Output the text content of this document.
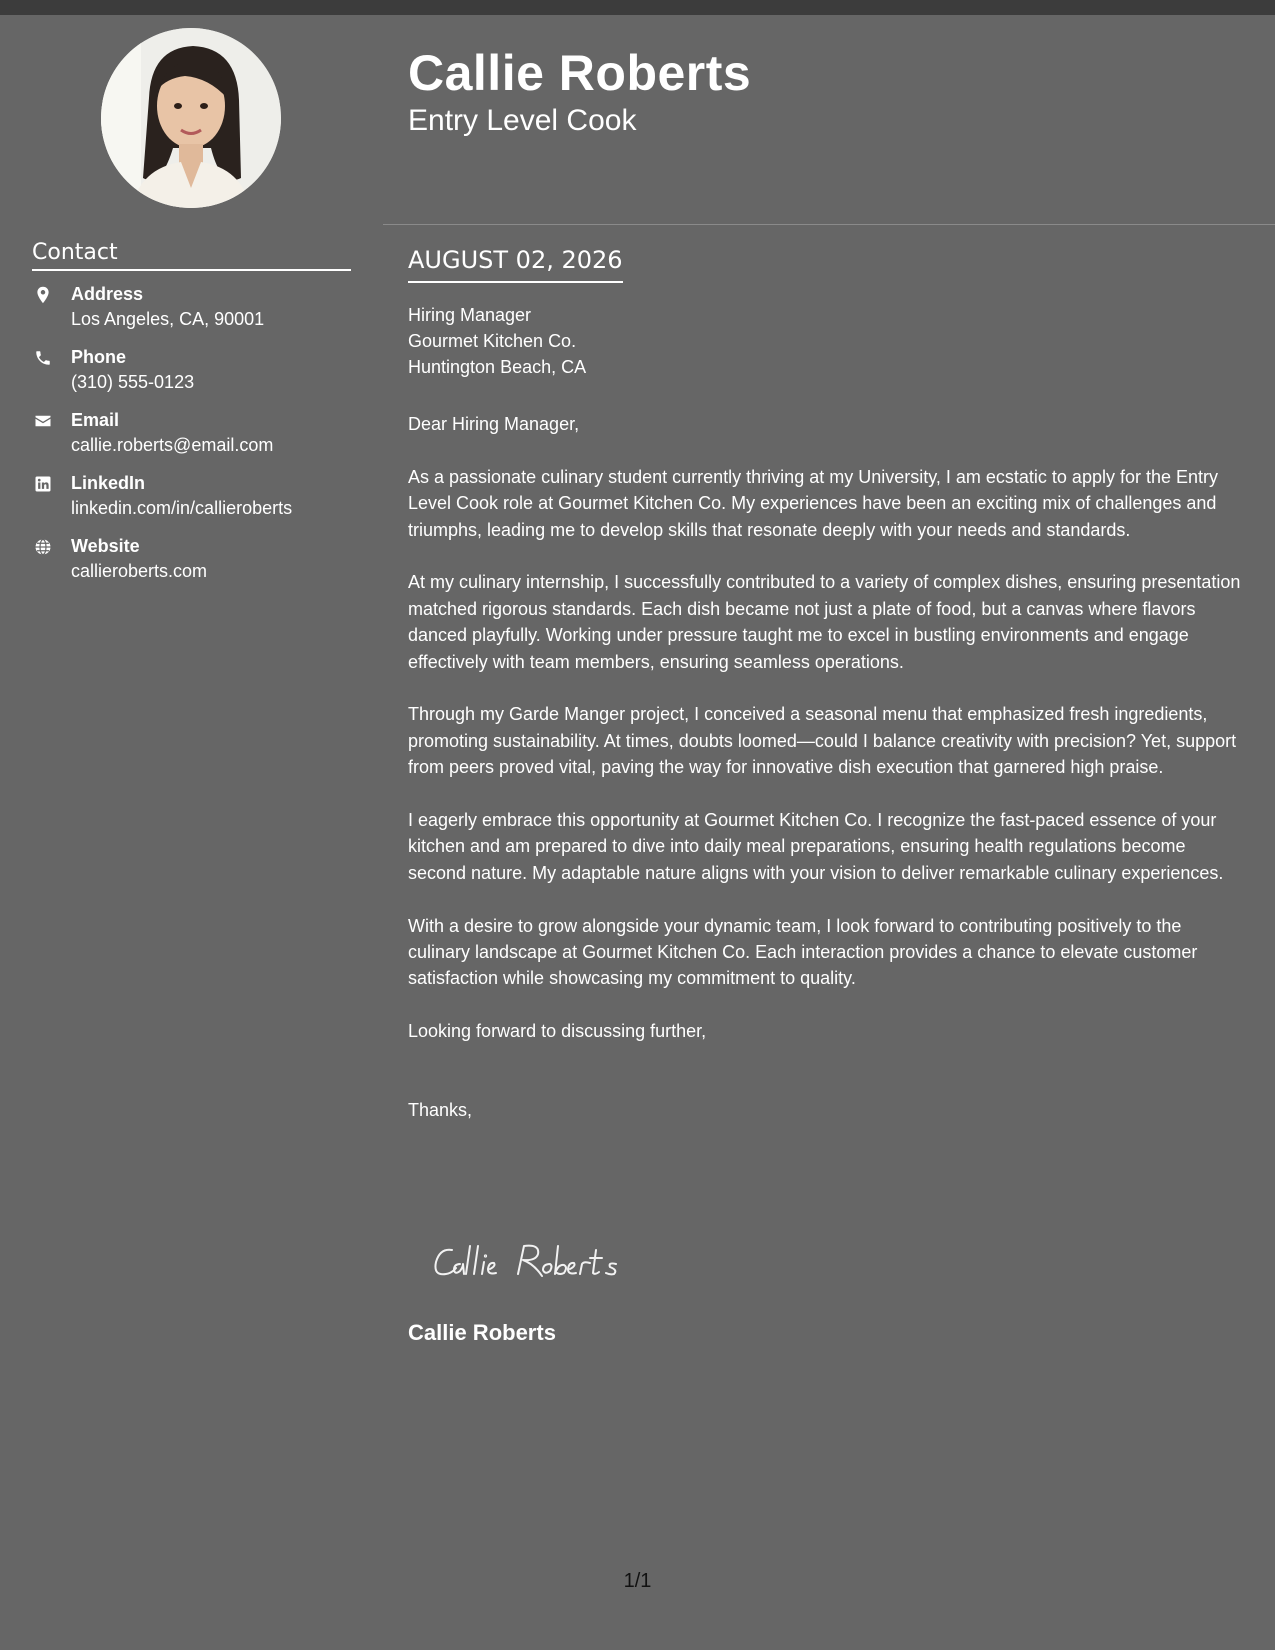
Contact
Address
Los Angeles, CA, 90001
Phone
(310) 555-0123
Email
callie.roberts@email.com
LinkedIn
linkedin.com/in/callieroberts
Website
callieroberts.com
Callie Roberts
Entry Level Cook
AUGUST 02, 2026
Hiring Manager
Gourmet Kitchen Co.
Huntington Beach, CA

Dear Hiring Manager,

As a passionate culinary student currently thriving at my University, I am ecstatic to apply for the Entry Level Cook role at Gourmet Kitchen Co. My experiences have been an exciting mix of challenges and triumphs, leading me to develop skills that resonate deeply with your needs and standards.

At my culinary internship, I successfully contributed to a variety of complex dishes, ensuring presentation matched rigorous standards. Each dish became not just a plate of food, but a canvas where flavors danced playfully. Working under pressure taught me to excel in bustling environments and engage effectively with team members, ensuring seamless operations.

Through my Garde Manger project, I conceived a seasonal menu that emphasized fresh ingredients, promoting sustainability. At times, doubts loomed—could I balance creativity with precision? Yet, support from peers proved vital, paving the way for innovative dish execution that garnered high praise.

I eagerly embrace this opportunity at Gourmet Kitchen Co. I recognize the fast-paced essence of your kitchen and am prepared to dive into daily meal preparations, ensuring health regulations become second nature. My adaptable nature aligns with your vision to deliver remarkable culinary experiences.

With a desire to grow alongside your dynamic team, I look forward to contributing positively to the culinary landscape at Gourmet Kitchen Co. Each interaction provides a chance to elevate customer satisfaction while showcasing my commitment to quality.

Looking forward to discussing further,

Thanks,

Callie Roberts
1/1
